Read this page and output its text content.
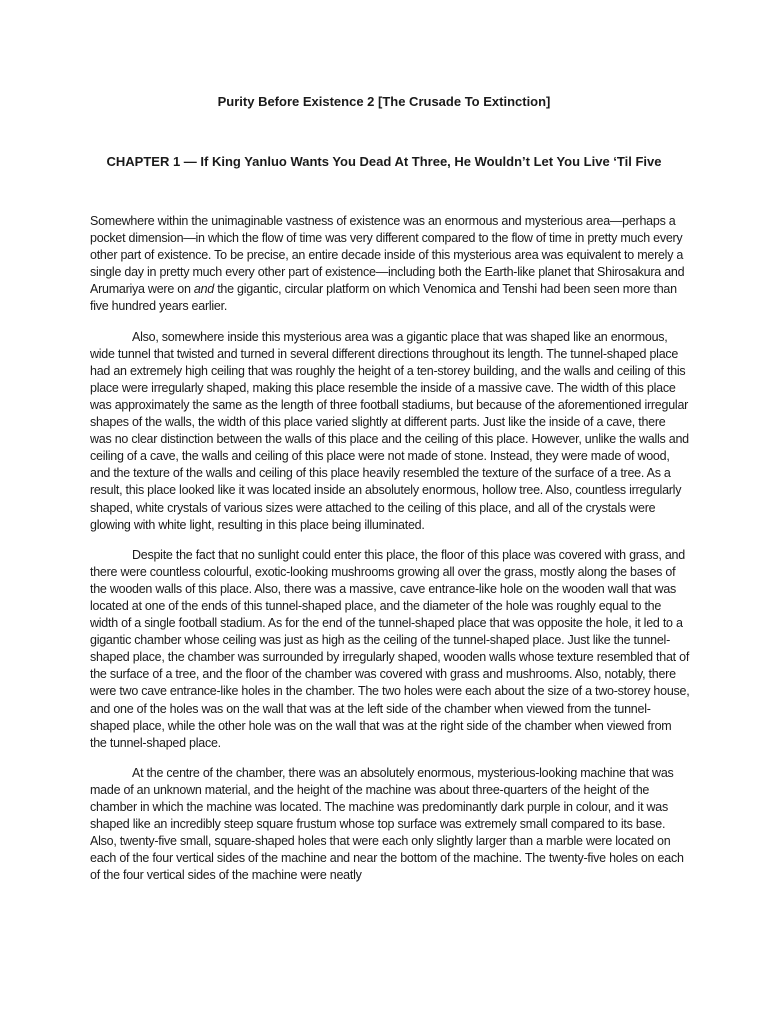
Purity Before Existence 2 [The Crusade To Extinction]
CHAPTER 1 — If King Yanluo Wants You Dead At Three, He Wouldn’t Let You Live ‘Til Five

Somewhere within the unimaginable vastness of existence was an enormous and mysterious area—perhaps a pocket dimension—in which the flow of time was very different compared to the flow of time in pretty much every other part of existence. To be precise, an entire decade inside of this mysterious area was equivalent to merely a single day in pretty much every other part of existence—including both the Earth-like planet that Shirosakura and Arumariya were on and the gigantic, circular platform on which Venomica and Tenshi had been seen more than five hundred years earlier.

Also, somewhere inside this mysterious area was a gigantic place that was shaped like an enormous, wide tunnel that twisted and turned in several different directions throughout its length. The tunnel-shaped place had an extremely high ceiling that was roughly the height of a ten-storey building, and the walls and ceiling of this place were irregularly shaped, making this place resemble the inside of a massive cave. The width of this place was approximately the same as the length of three football stadiums, but because of the aforementioned irregular shapes of the walls, the width of this place varied slightly at different parts. Just like the inside of a cave, there was no clear distinction between the walls of this place and the ceiling of this place. However, unlike the walls and ceiling of a cave, the walls and ceiling of this place were not made of stone. Instead, they were made of wood, and the texture of the walls and ceiling of this place heavily resembled the texture of the surface of a tree. As a result, this place looked like it was located inside an absolutely enormous, hollow tree. Also, countless irregularly shaped, white crystals of various sizes were attached to the ceiling of this place, and all of the crystals were glowing with white light, resulting in this place being illuminated.

Despite the fact that no sunlight could enter this place, the floor of this place was covered with grass, and there were countless colourful, exotic-looking mushrooms growing all over the grass, mostly along the bases of the wooden walls of this place. Also, there was a massive, cave entrance-like hole on the wooden wall that was located at one of the ends of this tunnel-shaped place, and the diameter of the hole was roughly equal to the width of a single football stadium. As for the end of the tunnel-shaped place that was opposite the hole, it led to a gigantic chamber whose ceiling was just as high as the ceiling of the tunnel-shaped place. Just like the tunnel-shaped place, the chamber was surrounded by irregularly shaped, wooden walls whose texture resembled that of the surface of a tree, and the floor of the chamber was covered with grass and mushrooms. Also, notably, there were two cave entrance-like holes in the chamber. The two holes were each about the size of a two-storey house, and one of the holes was on the wall that was at the left side of the chamber when viewed from the tunnel-shaped place, while the other hole was on the wall that was at the right side of the chamber when viewed from the tunnel-shaped place.

At the centre of the chamber, there was an absolutely enormous, mysterious-looking machine that was made of an unknown material, and the height of the machine was about three-quarters of the height of the chamber in which the machine was located. The machine was predominantly dark purple in colour, and it was shaped like an incredibly steep square frustum whose top surface was extremely small compared to its base. Also, twenty-five small, square-shaped holes that were each only slightly larger than a marble were located on each of the four vertical sides of the machine and near the bottom of the machine. The twenty-five holes on each of the four vertical sides of the machine were neatly
